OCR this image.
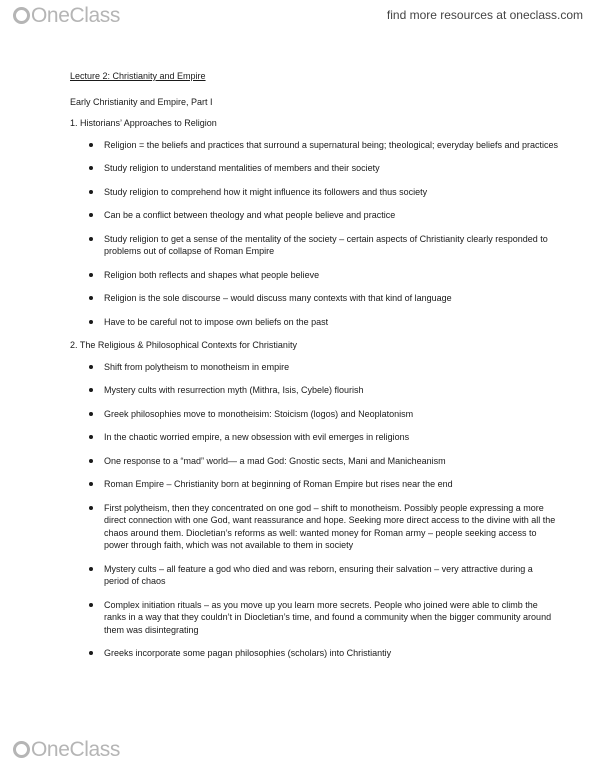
OneClass	find more resources at oneclass.com
Lecture 2: Christianity and Empire
Early Christianity and Empire, Part I
1. Historians’ Approaches to Religion
Religion = the beliefs and practices that surround a supernatural being; theological; everyday beliefs and practices
Study religion to understand mentalities of members and their society
Study religion to comprehend how it might influence its followers and thus society
Can be a conflict between theology and what people believe and practice
Study religion to get a sense of the mentality of the society – certain aspects of Christianity clearly responded to problems out of collapse of Roman Empire
Religion both reflects and shapes what people believe
Religion is the sole discourse – would discuss many contexts with that kind of language
Have to be careful not to impose own beliefs on the past
2. The Religious & Philosophical Contexts for Christianity
Shift from polytheism to monotheism in empire
Mystery cults with resurrection myth (Mithra, Isis, Cybele) flourish
Greek philosophies move to monotheisim: Stoicism (logos) and Neoplatonism
In the chaotic worried empire, a new obsession with evil emerges in religions
One response to a “mad” world— a mad God: Gnostic sects, Mani and Manicheanism
Roman Empire – Christianity born at beginning of Roman Empire but rises near the end
First polytheism, then they concentrated on one god – shift to monotheism. Possibly people expressing a more direct connection with one God, want reassurance and hope. Seeking more direct access to the divine with all the chaos around them. Diocletian’s reforms as well: wanted money for Roman army – people seeking access to power through faith, which was not available to them in society
Mystery cults – all feature a god who died and was reborn, ensuring their salvation – very attractive during a period of chaos
Complex initiation rituals – as you move up you learn more secrets. People who joined were able to climb the ranks in a way that they couldn’t in Diocletian’s time, and found a community when the bigger community around them was disintegrating
Greeks incorporate some pagan philosophies (scholars) into Christiantiy
OneClass
